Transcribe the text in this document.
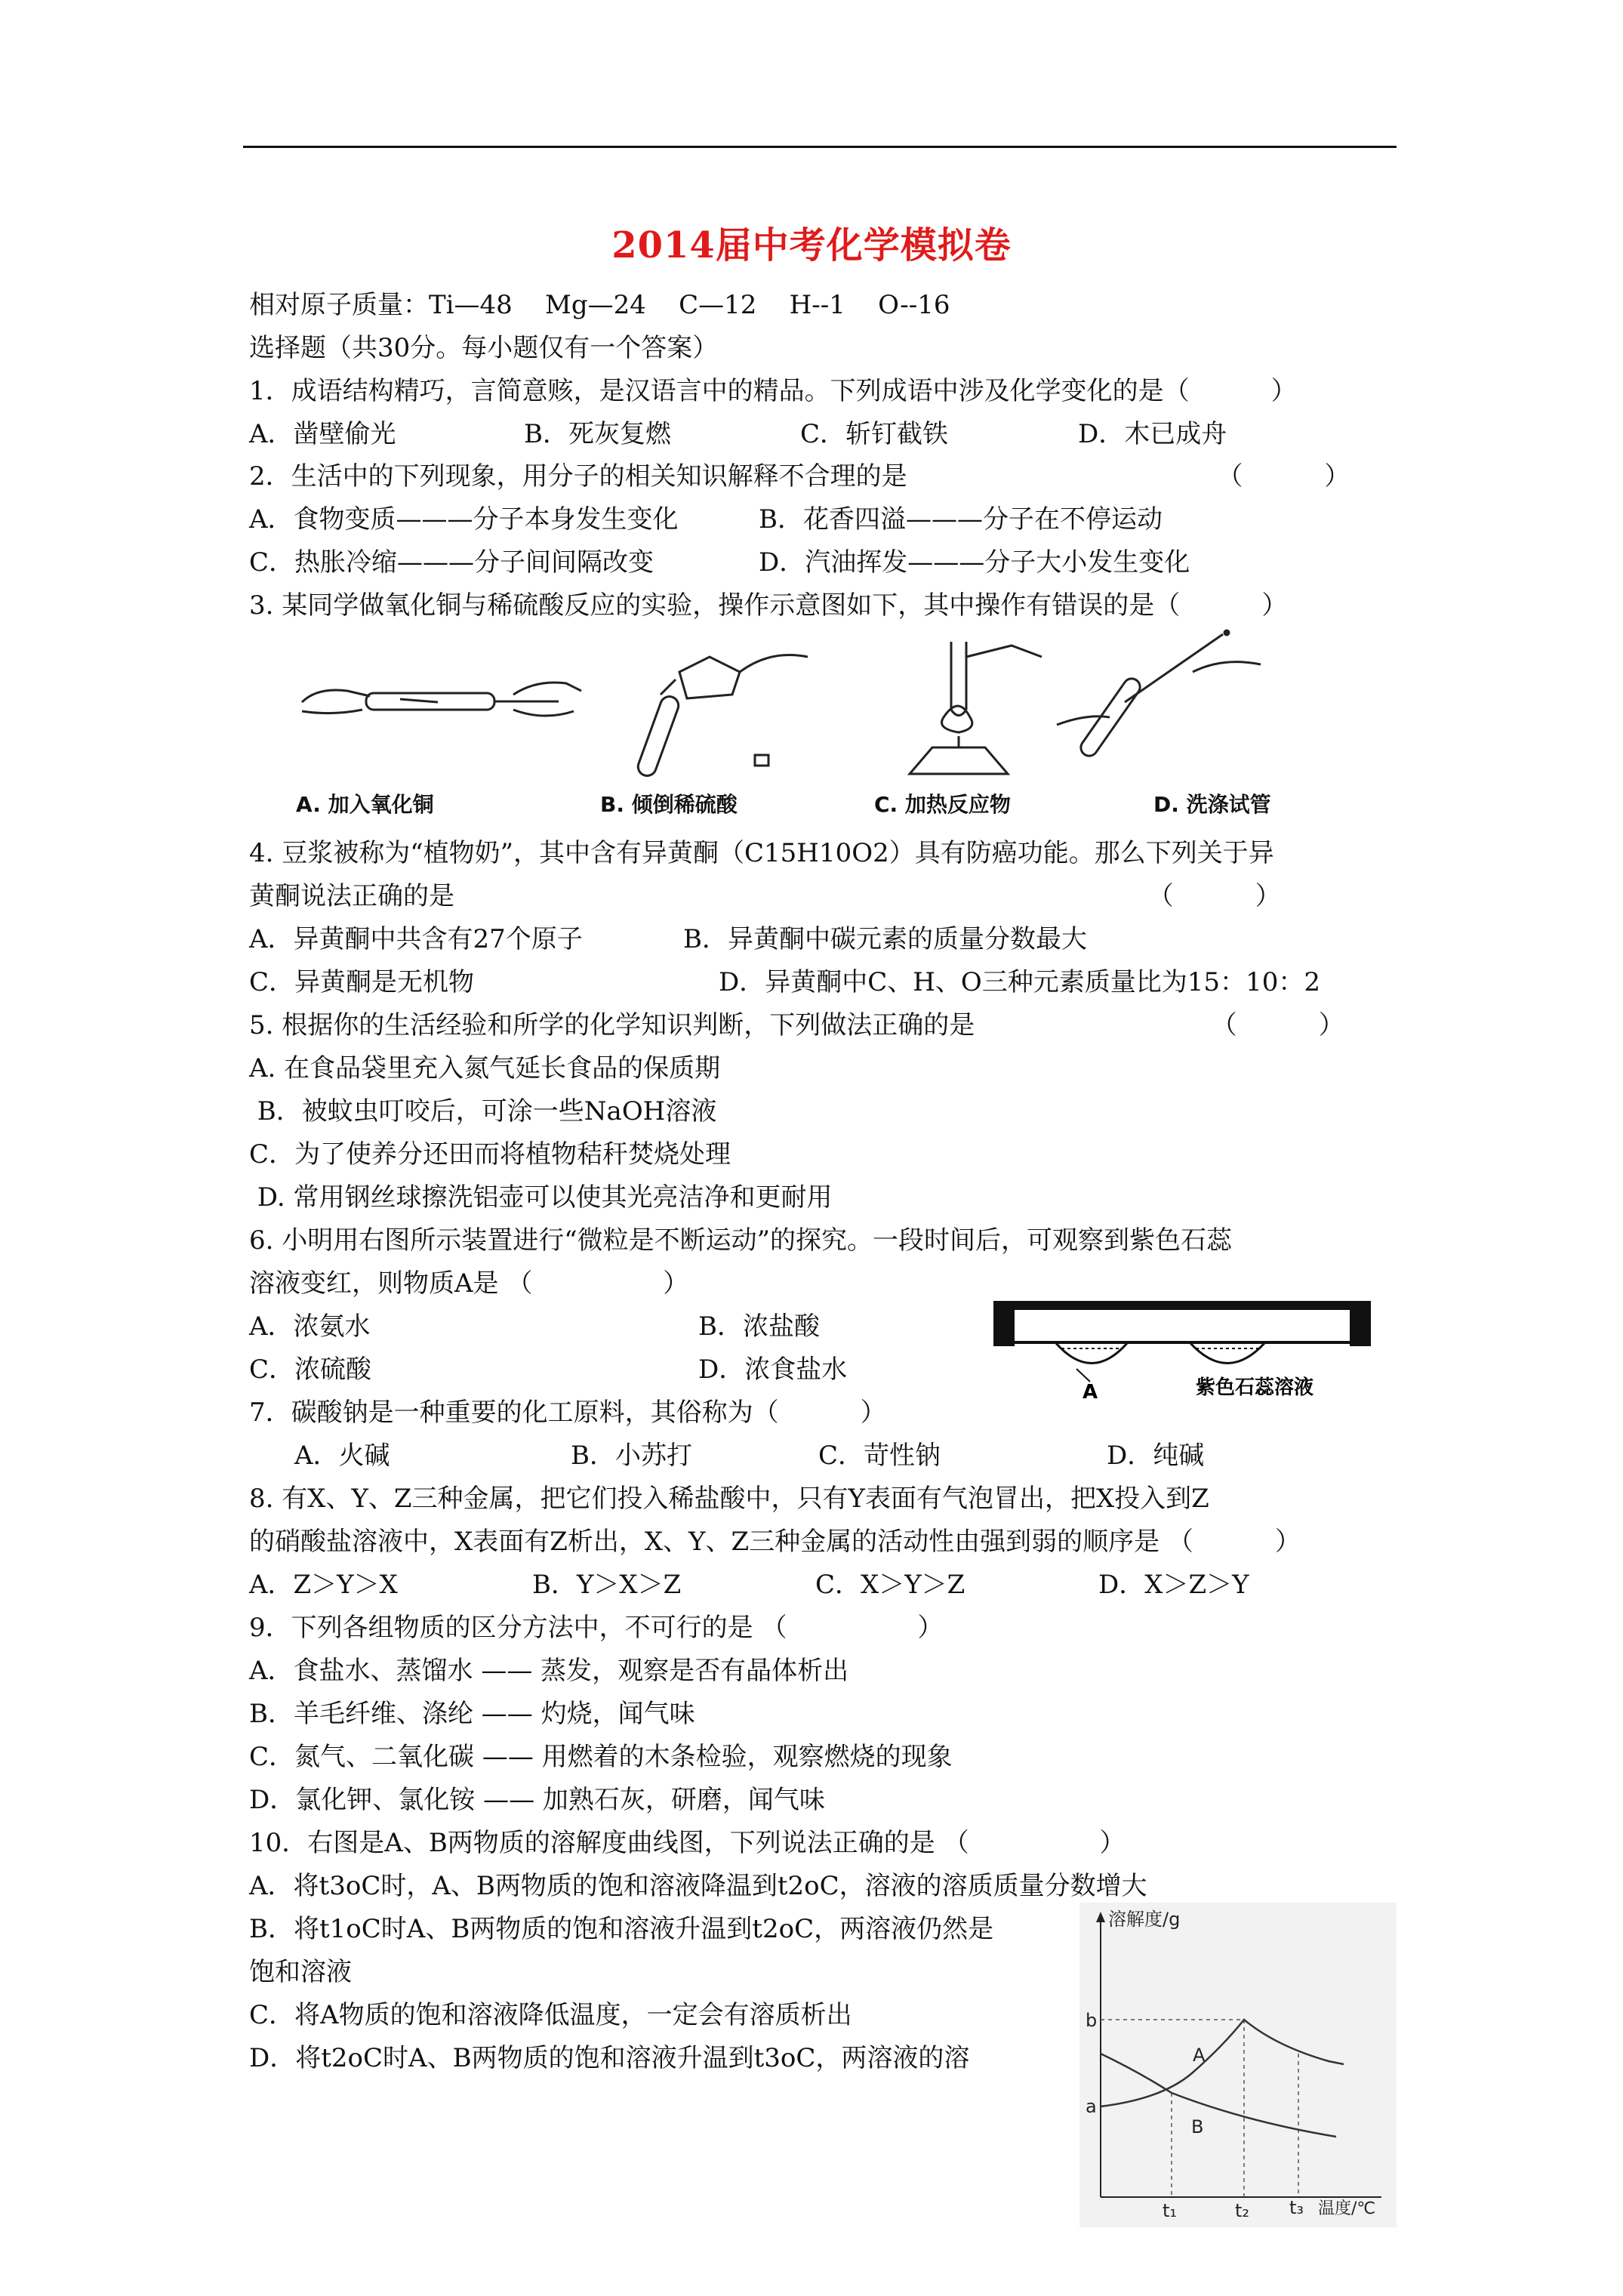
2014届中考化学模拟卷
相对原子质量：Ti—48    Mg—24    C—12    H--1    O--16
选择题（共30分。每小题仅有一个答案）
1．成语结构精巧，言简意赅，是汉语言中的精品。下列成语中涉及化学变化的是（          ）
A．凿壁偷光	B．死灰复燃	C．斩钉截铁	D．木已成舟
2．生活中的下列现象，用分子的相关知识解释不合理的是                                      （          ）
A．食物变质———分子本身发生变化	B．花香四溢———分子在不停运动
C．热胀冷缩———分子间间隔改变	D．汽油挥发———分子大小发生变化
3. 某同学做氧化铜与稀硫酸反应的实验，操作示意图如下，其中操作有错误的是（          ）
A. 加入氧化铜	B. 倾倒稀硫酸	C. 加热反应物	D. 洗涤试管
4. 豆浆被称为“植物奶”，其中含有异黄酮（C15H10O2）具有防癌功能。那么下列关于异
黄酮说法正确的是                                                                                     （          ）
A．异黄酮中共含有27个原子	B．异黄酮中碳元素的质量分数最大
C．异黄酮是无机物	D．异黄酮中C、H、O三种元素质量比为15：10：2
5. 根据你的生活经验和所学的化学知识判断，下列做法正确的是                             （          ）
A. 在食品袋里充入氮气延长食品的保质期
B．被蚊虫叮咬后，可涂一些NaOH溶液
C．为了使养分还田而将植物秸秆焚烧处理
D. 常用钢丝球擦洗铝壶可以使其光亮洁净和更耐用
6. 小明用右图所示装置进行“微粒是不断运动”的探究。一段时间后，可观察到紫色石蕊
溶液变红，则物质A是 （                ）
A．浓氨水	B．浓盐酸
C．浓硫酸	D．浓食盐水
A	紫色石蕊溶液
7．碳酸钠是一种重要的化工原料，其俗称为（          ）
A．火碱	B．小苏打	C．苛性钠	D．纯碱
8. 有X、Y、Z三种金属，把它们投入稀盐酸中，只有Y表面有气泡冒出，把X投入到Z
的硝酸盐溶液中，X表面有Z析出，X、Y、Z三种金属的活动性由强到弱的顺序是 （          ）
A．Z＞Y＞X	B．Y＞X＞Z	C．X＞Y＞Z	D．X＞Z＞Y
9．下列各组物质的区分方法中，不可行的是 （                ）
A．食盐水、蒸馏水 —— 蒸发，观察是否有晶体析出
B．羊毛纤维、涤纶 —— 灼烧，闻气味
C．氮气、二氧化碳 —— 用燃着的木条检验，观察燃烧的现象
D．氯化钾、氯化铵 —— 加熟石灰，研磨，闻气味
10．右图是A、B两物质的溶解度曲线图，下列说法正确的是 （                ）
A．将t3oC时，A、B两物质的饱和溶液降温到t2oC，溶液的溶质质量分数增大
B．将t1oC时A、B两物质的饱和溶液升温到t2oC，两溶液仍然是
饱和溶液
C．将A物质的饱和溶液降低温度，一定会有溶质析出
D．将t2oC时A、B两物质的饱和溶液升温到t3oC，两溶液的溶
溶解度/g
温度/℃
b
a
A
B
t₁	t₂ t₃
